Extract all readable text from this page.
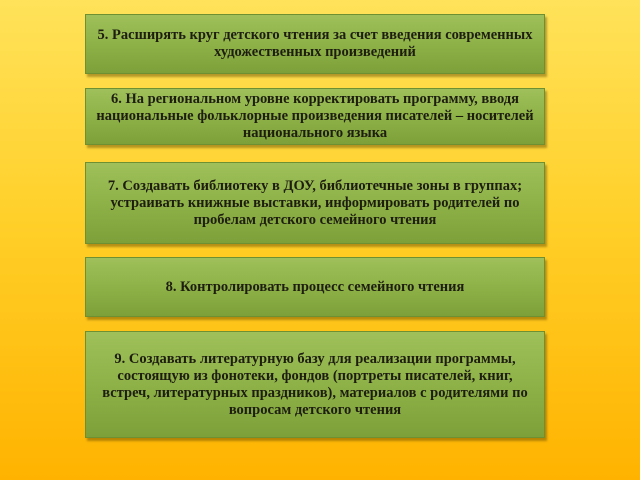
5. Расширять круг детского чтения за счет введения современных художественных произведений
6. На региональном уровне корректировать программу, вводя национальные фольклорные произведения писателей – носителей национального языка
7. Создавать библиотеку в ДОУ, библиотечные зоны в группах; устраивать книжные выставки, информировать родителей по пробелам детского семейного чтения
8. Контролировать процесс семейного чтения
9. Создавать литературную базу для реализации программы, состоящую из фонотеки, фондов (портреты писателей, книг, встреч, литературных праздников), материалов с родителями по вопросам детского чтения
